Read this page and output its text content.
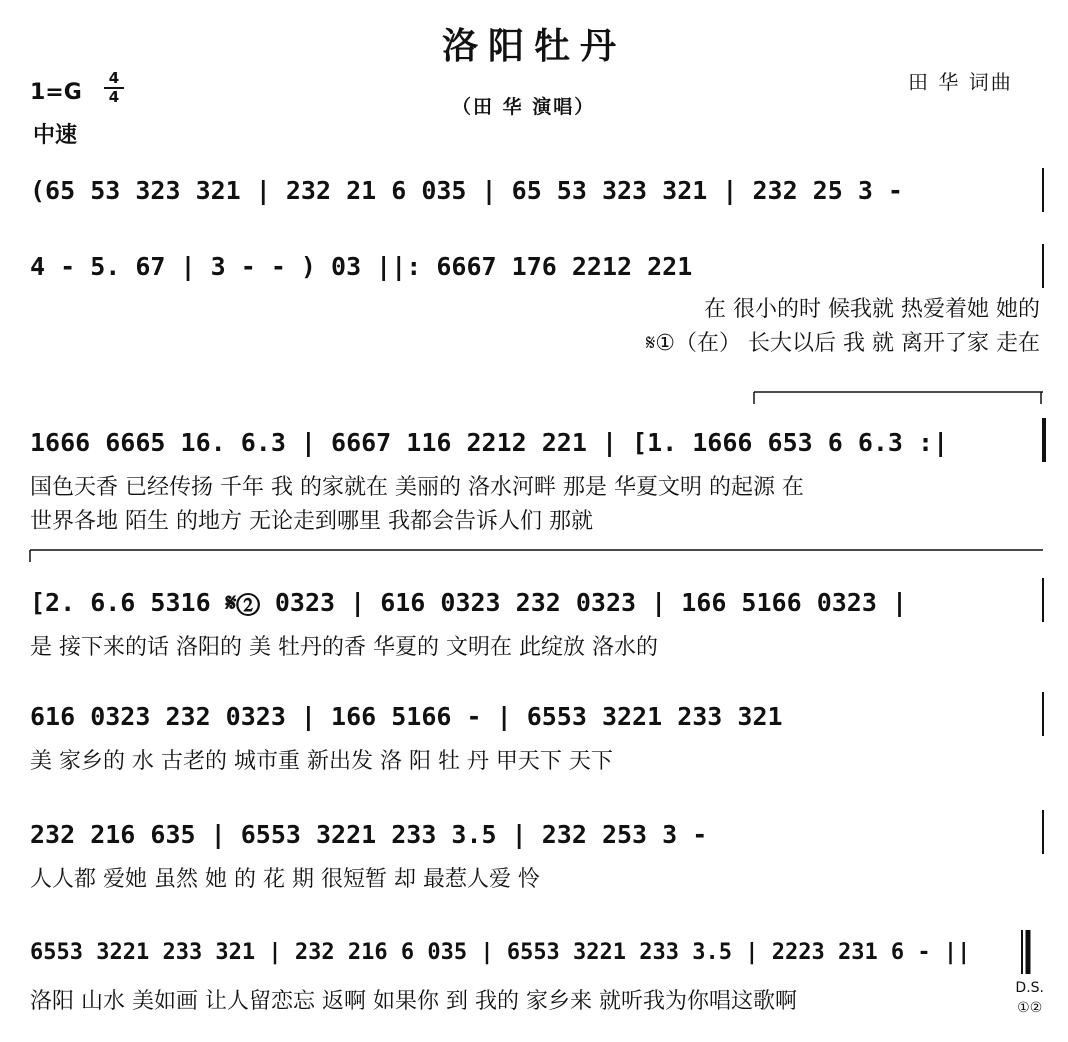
洛阳牡丹
（田 华 演唱）
田 华 词曲
$1=G \frac{4}{4}$
中速
(65 53 323 321 | 232 21 6 035 | 65 53 323 321 | 232 25 3 -
4 - 5. 67 | 3 - - ) 03 ||: 6667 176 2212 221
在 很小的时 候我就 热爱着她 她的
𝄋①（在） 长大以后 我 就 离开了家 走在
1666 6665 16. 6.3 | 6667 116 2212 221 | [1. 1666 653 6 6.3 :|
国色天香 已经传扬 千年 我 的家就在 美丽的 洛水河畔 那是 华夏文明 的起源 在
世界各地 陌生 的地方 无论走到哪里 我都会告诉人们 那就
[2. 6.6 5316 𝄋② 0323 | 616 0323 232 0323 | 166 5166 0323 |
是 接下来的话 洛阳的 美 牡丹的香 华夏的 文明在 此绽放 洛水的
616 0323 232 0323 | 166 5166 - | 6553 3221 233 321
美 家乡的 水 古老的 城市重 新出发 洛 阳 牡 丹 甲天下 天下
232 216 635 | 6553 3221 233 3.5 | 232 253 3 -
人人都 爱她 虽然 她 的 花 期 很短暂 却 最惹人爱 怜
6553 3221 233 321 | 232 216 6 035 | 6553 3221 233 3.5 | 2223 231 6 - ||
洛阳 山水 美如画 让人留恋忘 返啊 如果你 到 我的 家乡来 就听我为你唱这歌啊
D.S.
①②
